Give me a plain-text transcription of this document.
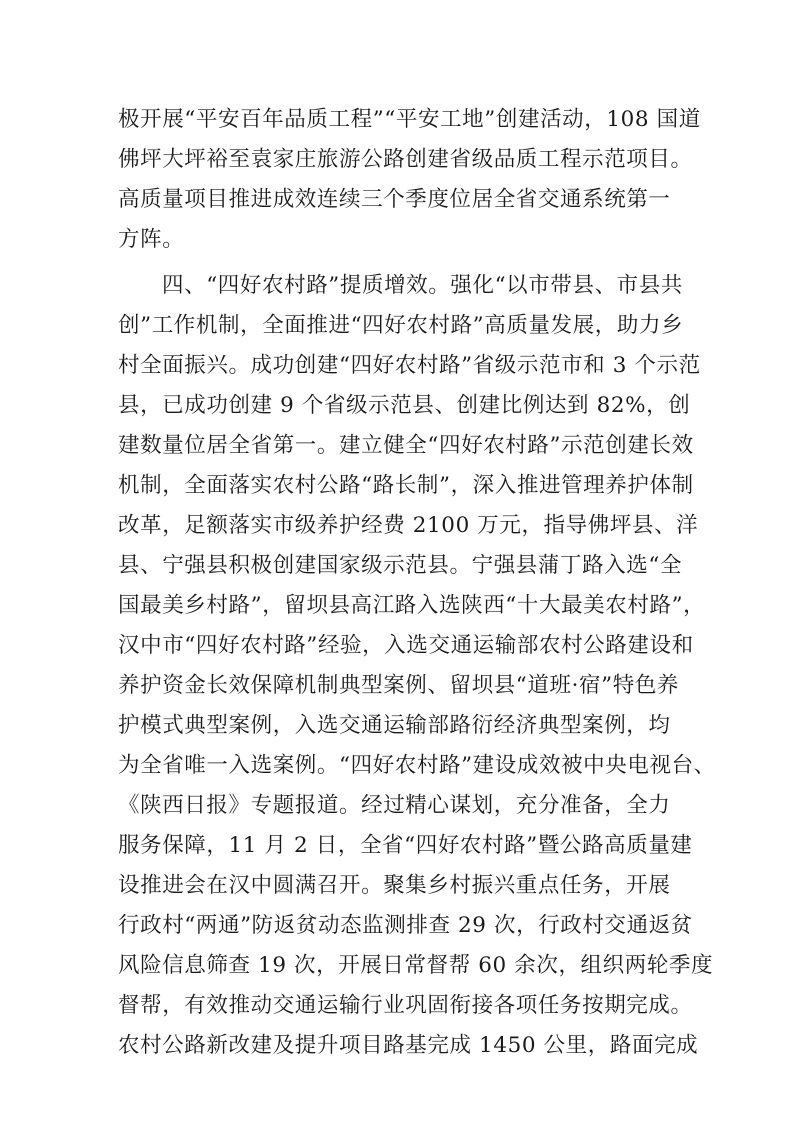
极开展“平安百年品质工程”“平安工地”创建活动，108 国道
佛坪大坪裕至袁家庄旅游公路创建省级品质工程示范项目。
高质量项目推进成效连续三个季度位居全省交通系统第一
方阵。
四、“四好农村路”提质增效。强化“以市带县、市县共
创”工作机制，全面推进“四好农村路”高质量发展，助力乡
村全面振兴。成功创建“四好农村路”省级示范市和 3 个示范
县，已成功创建 9 个省级示范县、创建比例达到 82%，创
建数量位居全省第一。建立健全“四好农村路”示范创建长效
机制，全面落实农村公路“路长制”，深入推进管理养护体制
改革，足额落实市级养护经费 2100 万元，指导佛坪县、洋
县、宁强县积极创建国家级示范县。宁强县蒲丁路入选“全
国最美乡村路”，留坝县高江路入选陕西“十大最美农村路”，
汉中市“四好农村路”经验，入选交通运输部农村公路建设和
养护资金长效保障机制典型案例、留坝县“道班·宿”特色养
护模式典型案例，入选交通运输部路衍经济典型案例，均
为全省唯一入选案例。“四好农村路”建设成效被中央电视台、
《陕西日报》专题报道。经过精心谋划，充分准备，全力
服务保障，11 月 2 日，全省“四好农村路”暨公路高质量建
设推进会在汉中圆满召开。聚集乡村振兴重点任务，开展
行政村“两通”防返贫动态监测排查 29 次，行政村交通返贫
风险信息筛查 19 次，开展日常督帮 60 余次，组织两轮季度
督帮，有效推动交通运输行业巩固衔接各项任务按期完成。
农村公路新改建及提升项目路基完成 1450 公里，路面完成
